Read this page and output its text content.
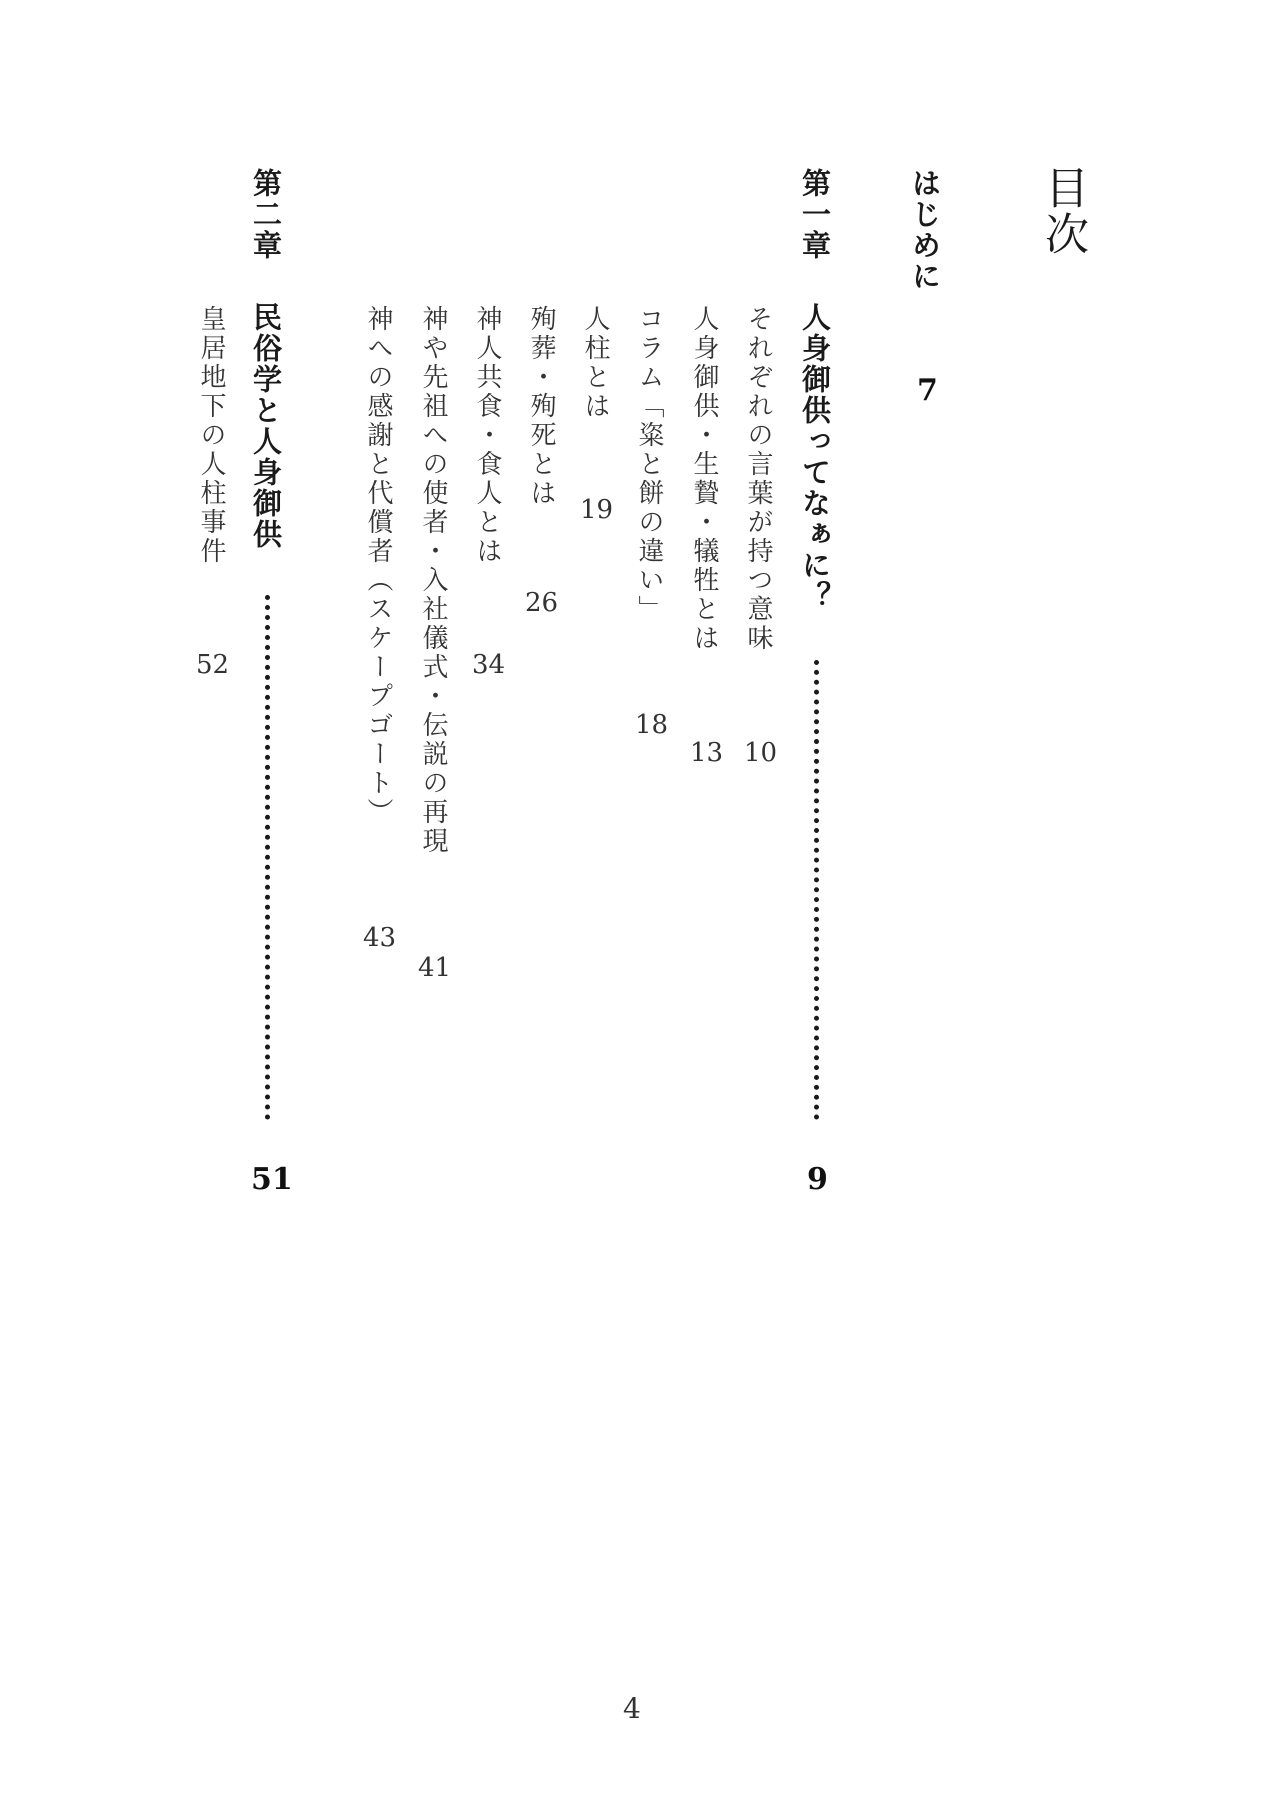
目次
はじめに
7
第一章
人身御供ってなぁに？
9
それぞれの言葉が持つ意味
10
人身御供・生贄・犠牲とは
13
コラム「粢と餅の違い」
18
人柱とは
19
殉葬・殉死とは
26
神人共食・食人とは
34
神や先祖への使者・入社儀式・伝説の再現
41
神への感謝と代償者（スケープゴート）
43
第二章
民俗学と人身御供
51
皇居地下の人柱事件
52
4
